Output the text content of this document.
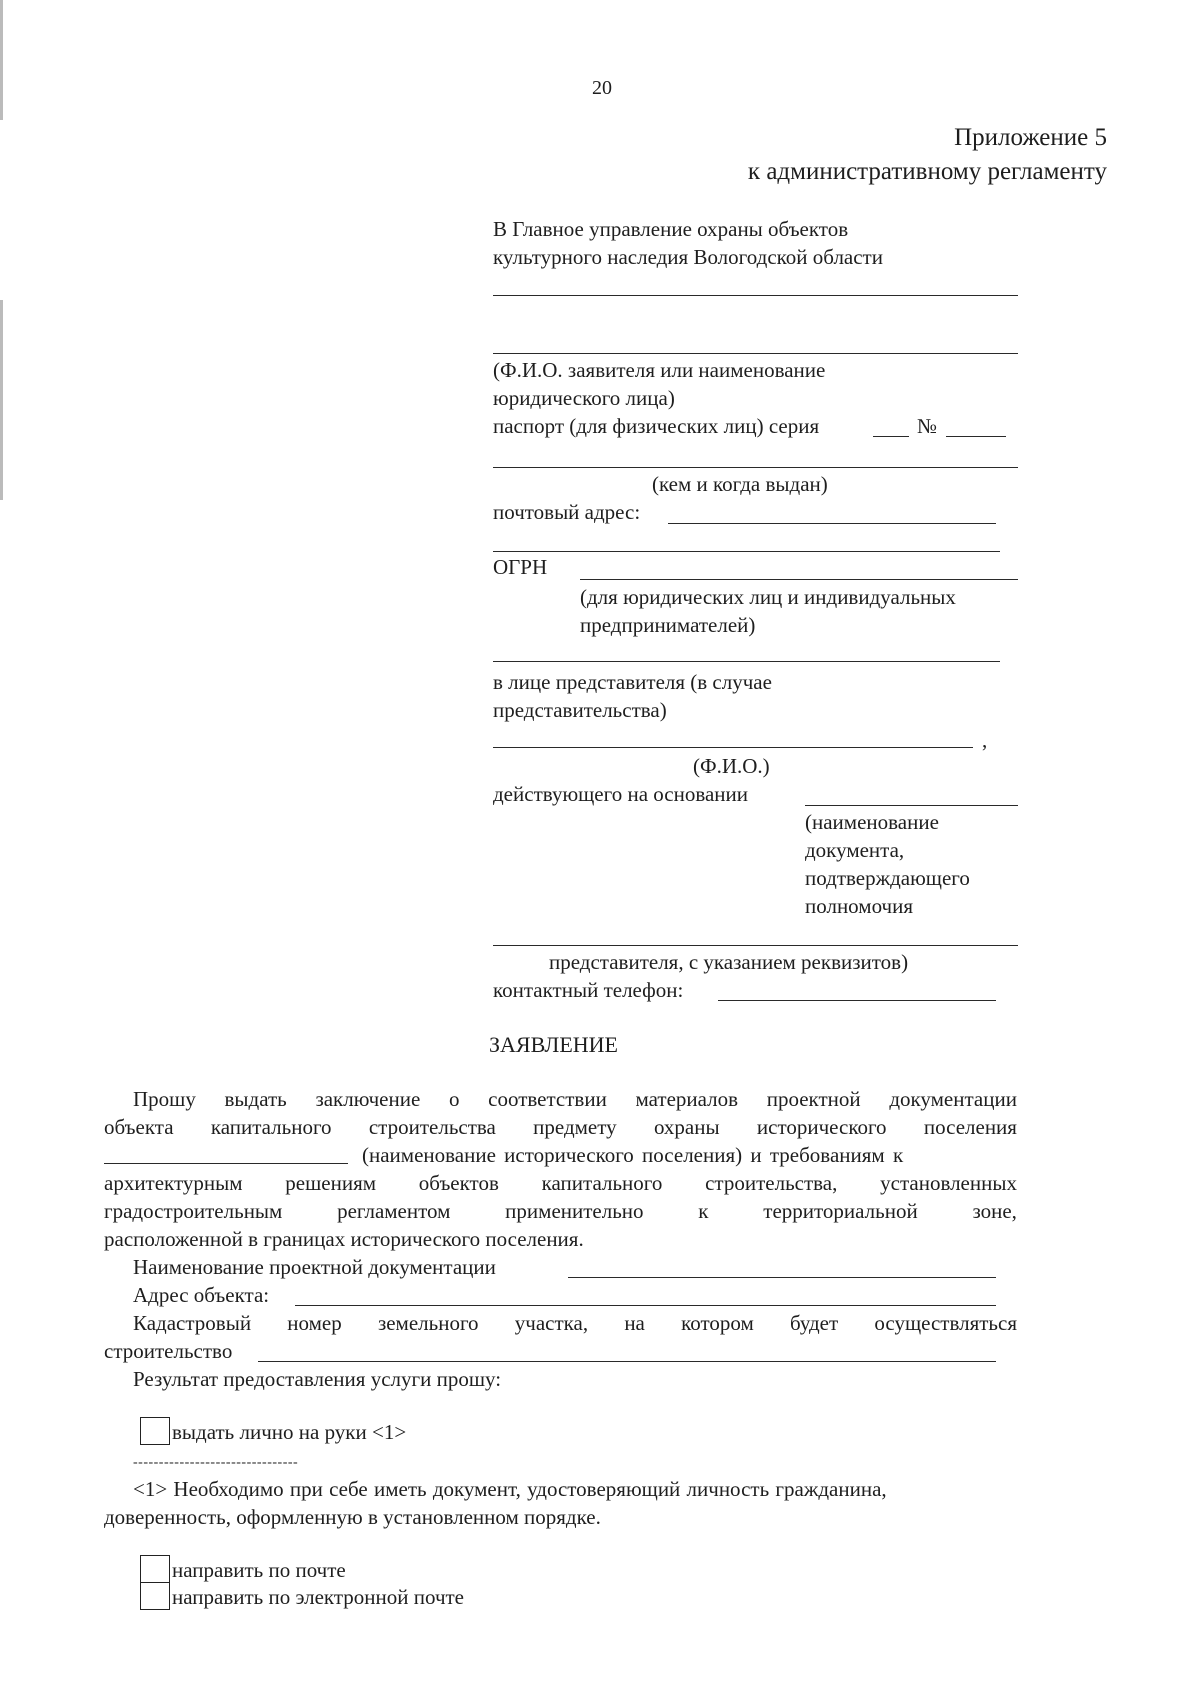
20
Приложение 5
к административному регламенту
В Главное управление охраны объектов
культурного наследия Вологодской области
(Ф.И.О. заявителя или наименование
юридического лица)
паспорт (для физических лиц) серия	№
(кем и когда выдан)
почтовый адрес:
ОГРН
(для юридических лиц и индивидуальных
предпринимателей)
в лице представителя (в случае
представительства)
,
(Ф.И.О.)
действующего на основании
(наименование
документа,
подтверждающего
полномочия
представителя, с указанием реквизитов)
контактный телефон:
ЗАЯВЛЕНИЕ
Прошу выдать заключение о соответствии материалов проектной документации
объекта капитального строительства предмету охраны исторического поселения
(наименование исторического поселения) и требованиям к
архитектурным решениям объектов капитального строительства, установленных
градостроительным	регламентом	применительно	к	территориальной	зоне,
расположенной в границах исторического поселения.
Наименование проектной документации
Адрес объекта:
Кадастровый номер земельного участка, на котором будет осуществляться
строительство
Результат предоставления услуги прошу:
выдать лично на руки <1>
--------------------------------
<1> Необходимо при себе иметь документ, удостоверяющий личность гражданина,
доверенность, оформленную в установленном порядке.
направить по почте
направить по электронной почте
